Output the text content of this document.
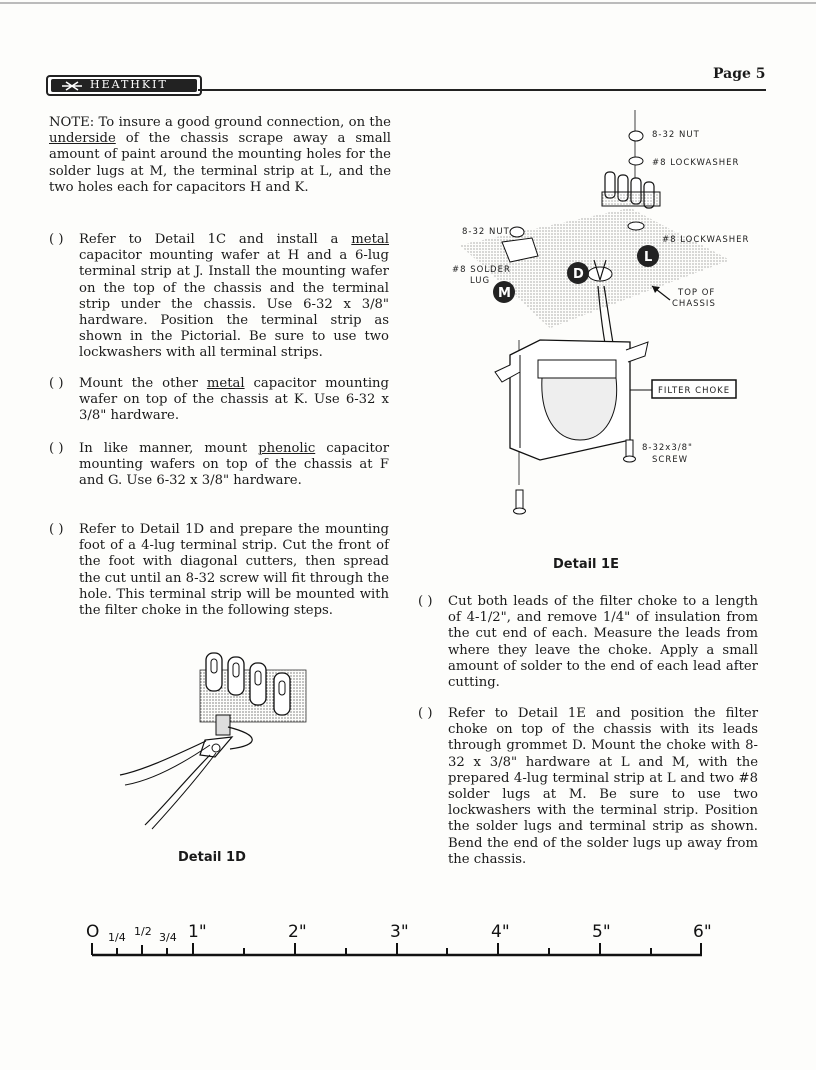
HEATHKIT
Page 5
NOTE: To insure a good ground connection, on the underside of the chassis scrape away a small amount of paint around the mounting holes for the solder lugs at M, the terminal strip at L, and the two holes each for capacitors H and K.
( ) Refer to Detail 1C and install a metal capacitor mounting wafer at H and a 6-lug terminal strip at J. Install the mounting wafer on the top of the chassis and the terminal strip under the chassis. Use 6-32 x 3/8" hardware. Position the terminal strip as shown in the Pictorial. Be sure to use two lockwashers with all terminal strips.
( ) Mount the other metal capacitor mounting wafer on top of the chassis at K. Use 6-32 x 3/8" hardware.
( ) In like manner, mount phenolic capacitor mounting wafers on top of the chassis at F and G. Use 6-32 x 3/8" hardware.
( ) Refer to Detail 1D and prepare the mounting foot of a 4-lug terminal strip. Cut the front of the foot with diagonal cutters, then spread the cut until an 8-32 screw will fit through the hole. This terminal strip will be mounted with the filter choke in the following steps.
Detail 1D
D
L
M
8-32 NUT
#8 LOCKWASHER
8-32 NUT
#8 LOCKWASHER
#8 SOLDER
LUG
TOP OF
CHASSIS
FILTER CHOKE
8-32x3/8"
SCREW
Detail 1E
( ) Cut both leads of the filter choke to a length of 4-1/2", and remove 1/4" of insulation from the cut end of each. Measure the leads from where they leave the choke. Apply a small amount of solder to the end of each lead after cutting.
( ) Refer to Detail 1E and position the filter choke on top of the chassis with its leads through grommet D. Mount the choke with 8-32 x 3/8" hardware at L and M, with the prepared 4-lug terminal strip at L and two #8 solder lugs at M. Be sure to use two lockwashers with the terminal strip. Position the solder lugs and terminal strip as shown. Bend the end of the solder lugs up away from the chassis.
O 1/4 1/2 3/4 1"	2"	3"	4"	5"	6"
